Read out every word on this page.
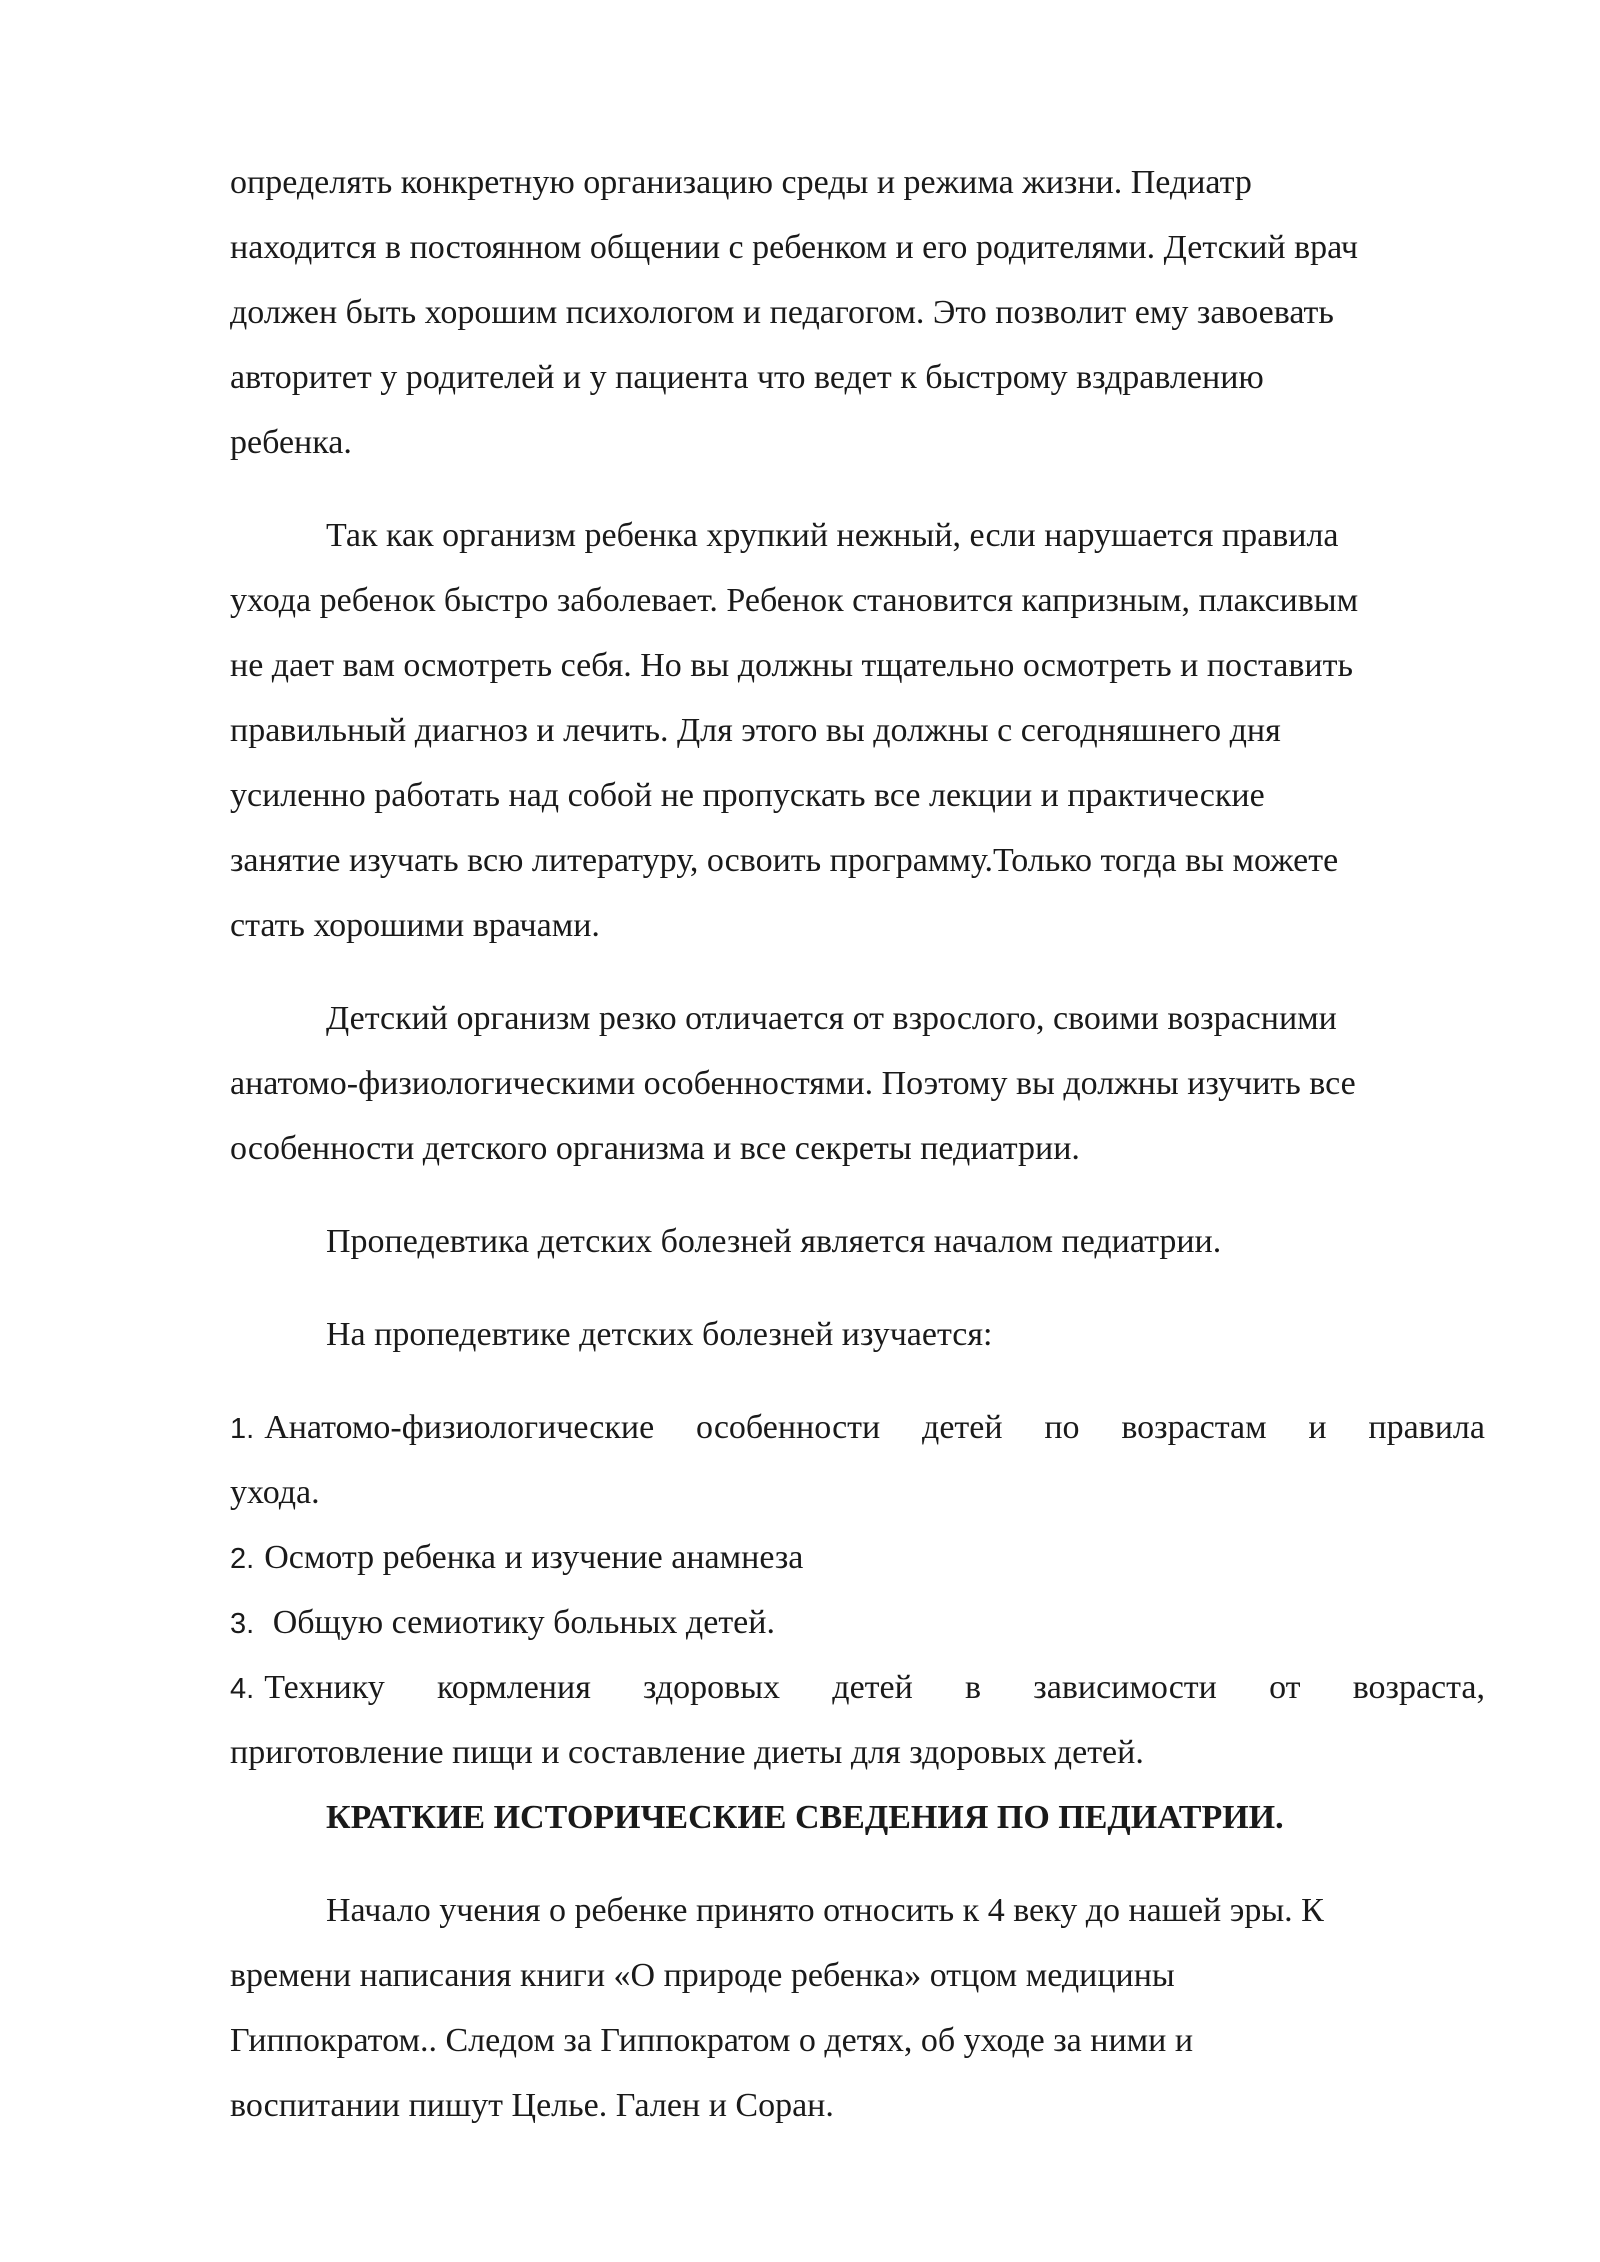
определять конкретную организацию среды и режима жизни. Педиатр
находится в постоянном общении с ребенком и его родителями. Детский врач
должен быть хорошим психологом и педагогом. Это позволит ему завоевать
авторитет у родителей и у пациента что ведет к быстрому вздравлению
ребенка.
Так как организм ребенка хрупкий нежный, если нарушается правила
ухода ребенок быстро заболевает. Ребенок становится капризным, плаксивым
не дает вам осмотреть себя. Но вы должны тщательно осмотреть и поставить
правильный диагноз и лечить. Для этого вы должны с сегодняшнего дня
усиленно работать над собой не пропускать все лекции и практические
занятие изучать всю литературу, освоить программу.Только тогда вы можете
стать хорошими врачами.
Детский организм резко отличается от взрослого, своими возрасними
анатомо-физиологическими особенностями. Поэтому вы должны изучить все
особенности детского организма и все секреты педиатрии.
Пропедевтика детских болезней является началом педиатрии.
На пропедевтике детских болезней изучается:
1. Анатомо-физиологические особенности детей по возрастам и правила
ухода.
2. Осмотр ребенка и изучение анамнеза
3. Общую семиотику больных детей.
4. Технику кормления здоровых детей в зависимости от возраста,
приготовление пищи и составление диеты для здоровых детей.
КРАТКИЕ ИСТОРИЧЕСКИЕ СВЕДЕНИЯ ПО ПЕДИАТРИИ.
Начало учения о ребенке принято относить к 4 веку до нашей эры. К
времени написания книги «О природе ребенка» отцом медицины
Гиппократом.. Следом за Гиппократом о детях, об уходе за ними и
воспитании пишут Целье. Гален и Соран.
